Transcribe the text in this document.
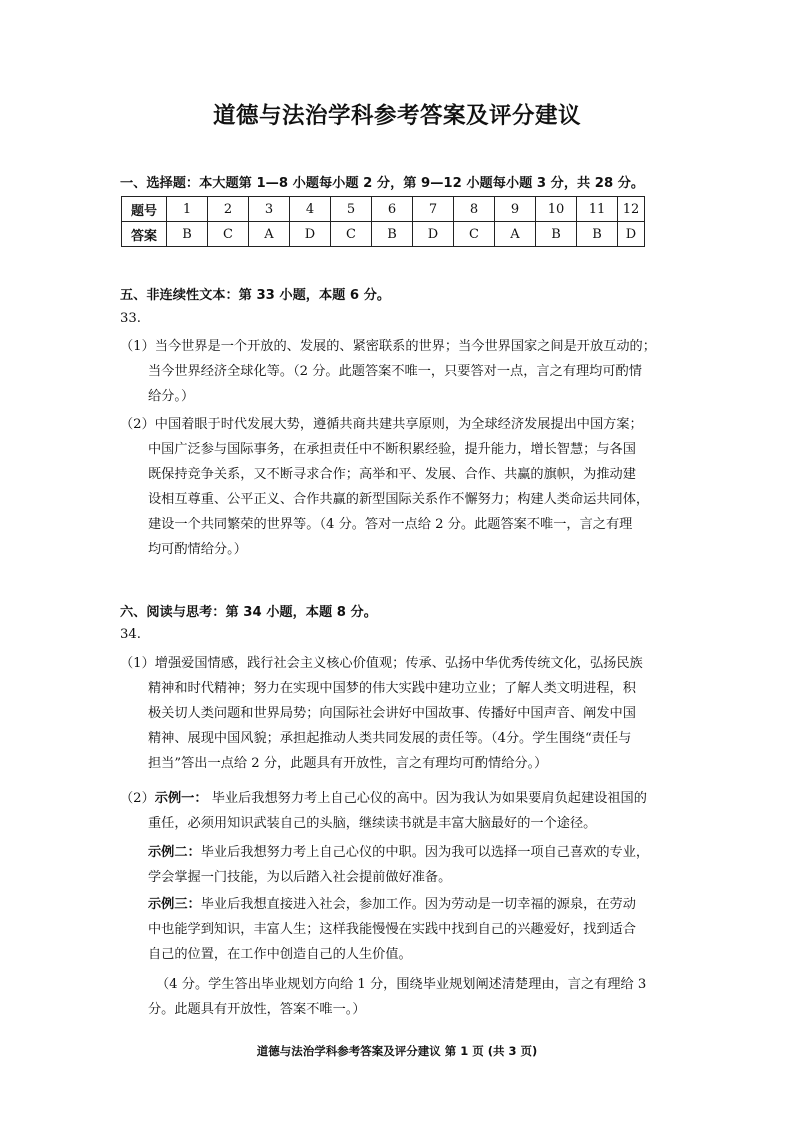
道德与法治学科参考答案及评分建议
一、选择题：本大题第 1—8 小题每小题 2 分，第 9—12 小题每小题 3 分，共 28 分。
题号	1	2	3	4	5	6	7	8	9	10	11	12
答案	B	C	A	D	C	B	D	C	A	B	B	D
五、非连续性文本：第 33 小题，本题 6 分。
33.
（1）当今世界是一个开放的、发展的、紧密联系的世界；当今世界国家之间是开放互动的；
当今世界经济全球化等。（2 分。此题答案不唯一，只要答对一点，言之有理均可酌情
给分。）
（2）中国着眼于时代发展大势，遵循共商共建共享原则，为全球经济发展提出中国方案；
中国广泛参与国际事务，在承担责任中不断积累经验，提升能力，增长智慧；与各国
既保持竞争关系，又不断寻求合作；高举和平、发展、合作、共赢的旗帜，为推动建
设相互尊重、公平正义、合作共赢的新型国际关系作不懈努力；构建人类命运共同体，
建设一个共同繁荣的世界等。（4 分。答对一点给 2 分。此题答案不唯一，言之有理
均可酌情给分。）
六、阅读与思考：第 34 小题，本题 8 分。
34.
（1）增强爱国情感，践行社会主义核心价值观；传承、弘扬中华优秀传统文化，弘扬民族
精神和时代精神；努力在实现中国梦的伟大实践中建功立业；了解人类文明进程，积
极关切人类问题和世界局势；向国际社会讲好中国故事、传播好中国声音、阐发中国
精神、展现中国风貌；承担起推动人类共同发展的责任等。（4分。学生围绕“责任与
担当”答出一点给 2 分，此题具有开放性，言之有理均可酌情给分。）
（2）示例一： 毕业后我想努力考上自己心仪的高中。因为我认为如果要肩负起建设祖国的
重任，必须用知识武装自己的头脑，继续读书就是丰富大脑最好的一个途径。
示例二：毕业后我想努力考上自己心仪的中职。因为我可以选择一项自己喜欢的专业，
学会掌握一门技能，为以后踏入社会提前做好准备。
示例三：毕业后我想直接进入社会，参加工作。因为劳动是一切幸福的源泉，在劳动
中也能学到知识，丰富人生；这样我能慢慢在实践中找到自己的兴趣爱好，找到适合
自己的位置，在工作中创造自己的人生价值。
（4 分。学生答出毕业规划方向给 1 分，围绕毕业规划阐述清楚理由，言之有理给 3
分。此题具有开放性，答案不唯一。）
道德与法治学科参考答案及评分建议 第 1 页 (共 3 页)
